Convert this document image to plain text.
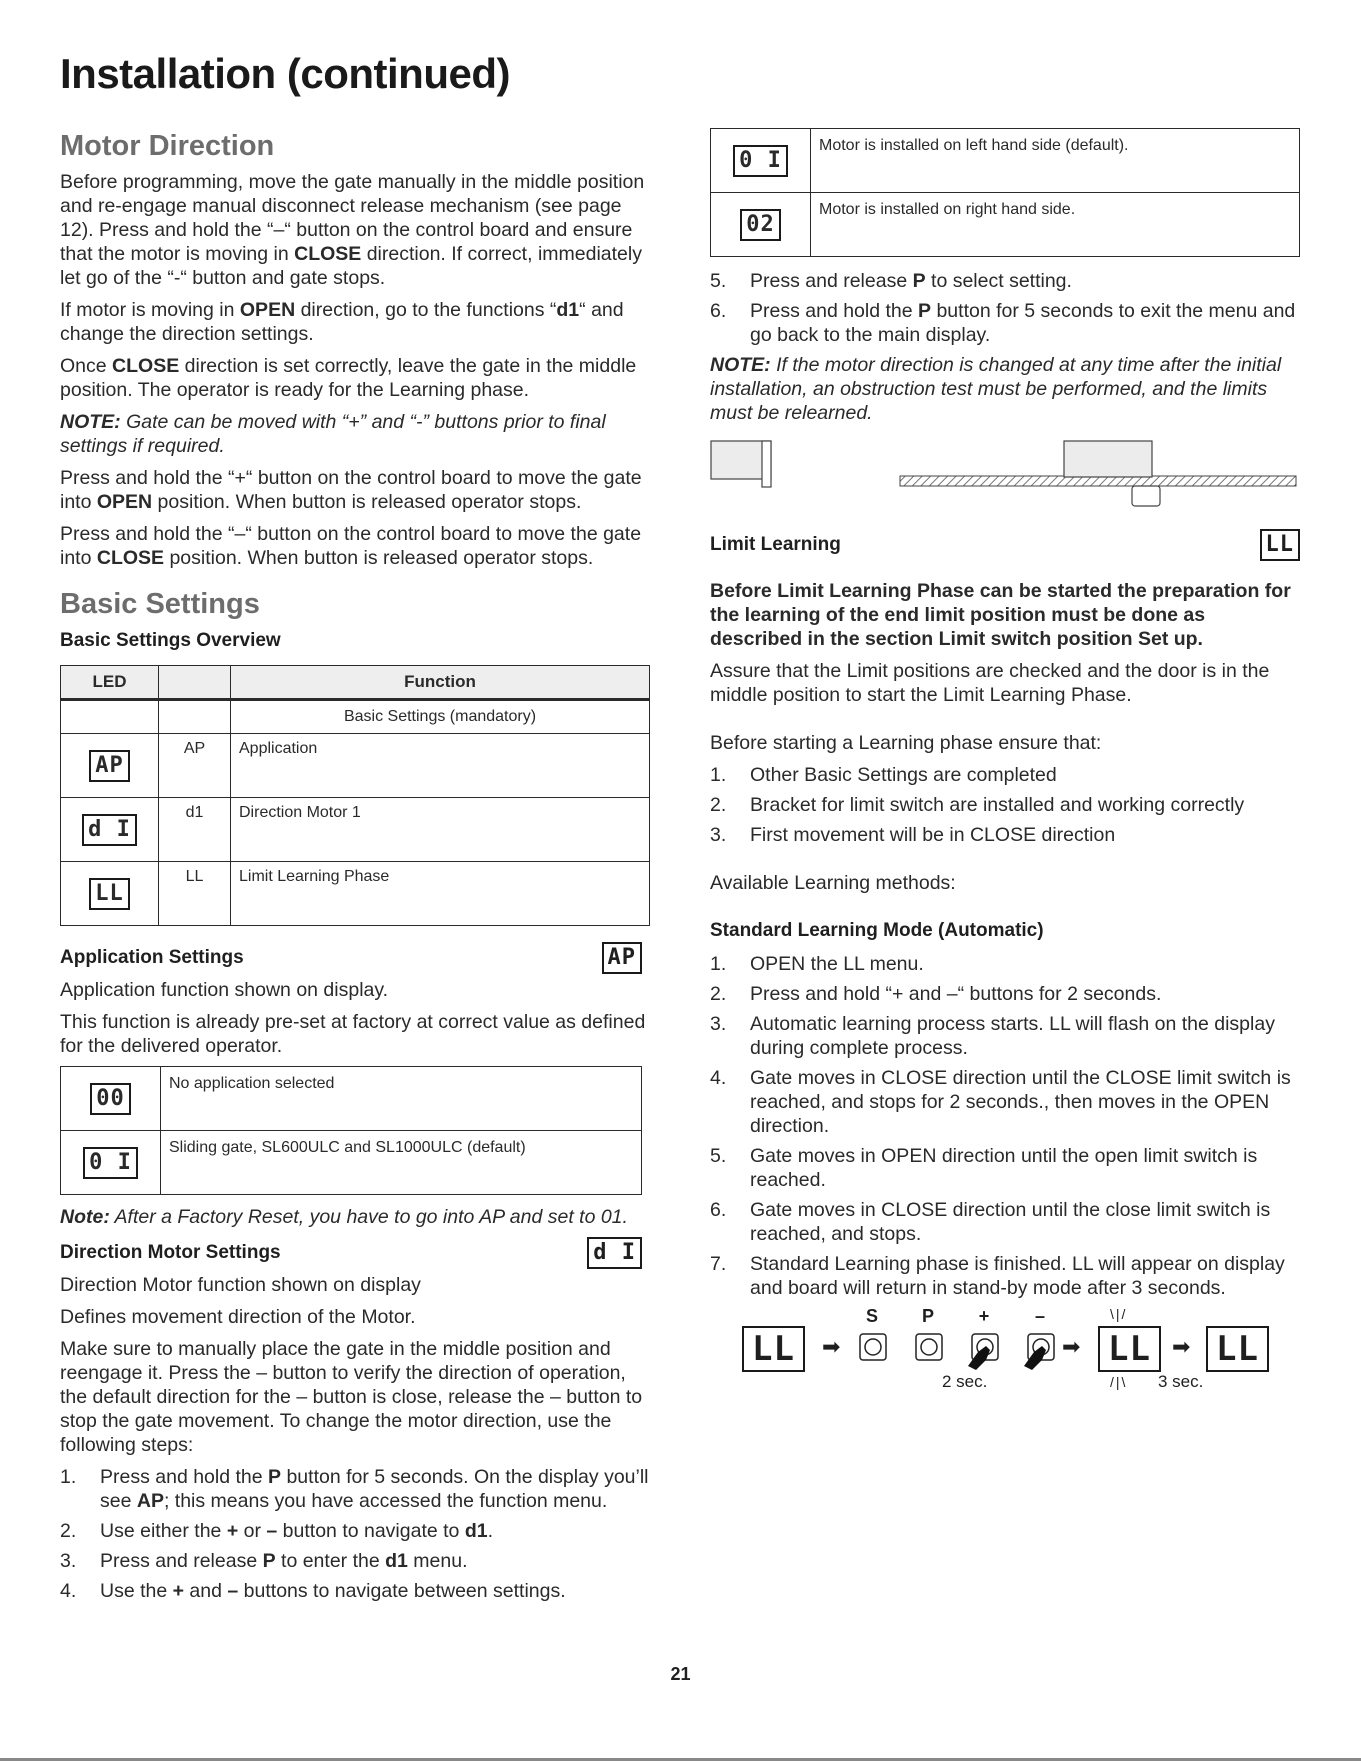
Installation (continued)
Motor Direction

Before programming, move the gate manually in the middle position and re-engage manual disconnect release mechanism (see page 12). Press and hold the “–“ button on the control board and ensure that the motor is moving in CLOSE direction. If correct, immediately let go of the “-“ button and gate stops.

If motor is moving in OPEN direction, go to the functions “d1“ and change the direction settings.

Once CLOSE direction is set correctly, leave the gate in the middle position. The operator is ready for the Learning phase.

NOTE: Gate can be moved with “+” and “-” buttons prior to final settings if required.

Press and hold the “+“ button on the control board to move the gate into OPEN position. When button is released operator stops.

Press and hold the “–“ button on the control board to move the gate into CLOSE position. When button is released operator stops.

Basic Settings
Basic Settings Overview
LED		Function
		Basic Settings (mandatory)
AP	AP	Application
d I	d1	Direction Motor 1
LL	LL	Limit Learning Phase
Application Settings	AP

Application function shown on display.

This function is already pre-set at factory at correct value as defined for the delivered operator.

00	No application selected
0 I	Sliding gate, SL600ULC and SL1000ULC (default)

Note: After a Factory Reset, you have to go into AP and set to 01.

Direction Motor Settings	d I

Direction Motor function shown on display

Defines movement direction of the Motor.

Make sure to manually place the gate in the middle position and reengage it. Press the – button to verify the direction of operation, the default direction for the – button is close, release the – button to stop the gate movement. To change the motor direction, use the following steps:

1.	Press and hold the P button for 5 seconds. On the display you’ll see AP; this means you have accessed the function menu.
2.	Use either the + or – button to navigate to d1.
3.	Press and release P to enter the d1 menu.
4.	Use the + and – buttons to navigate between settings.
0 I	Motor is installed on left hand side (default).
02	Motor is installed on right hand side.
5.	Press and release P to select setting.
6.	Press and hold the P button for 5 seconds to exit the menu and go back to the main display.

NOTE: If the motor direction is changed at any time after the initial installation, an obstruction test must be performed, and the limits must be relearned.

Limit Learning	LL

Before Limit Learning Phase can be started the preparation for the learning of the end limit position must be done as described in the section Limit switch position Set up.

Assure that the Limit positions are checked and the door is in the middle position to start the Limit Learning Phase.

Before starting a Learning phase ensure that:

1.	Other Basic Settings are completed
2.	Bracket for limit switch are installed and working correctly
3.	First movement will be in CLOSE direction

Available Learning methods:

Standard Learning Mode (Automatic)
1.	OPEN the LL menu.
2.	Press and hold “+ and –“ buttons for 2 seconds.
3.	Automatic learning process starts. LL will flash on the display during complete process.
4.	Gate moves in CLOSE direction until the CLOSE limit switch is reached, and stops for 2 seconds., then moves in the OPEN direction.
5.	Gate moves in OPEN direction until the open limit switch is reached.
6.	Gate moves in CLOSE direction until the close limit switch is reached, and stops.
7.	Standard Learning phase is finished. LL will appear on display and board will return in stand-by mode after 3 seconds.
LL	➡
S	P	+	–
2 sec.
➡
\|/
LL
/|\
➡
3 sec.
LL
21
